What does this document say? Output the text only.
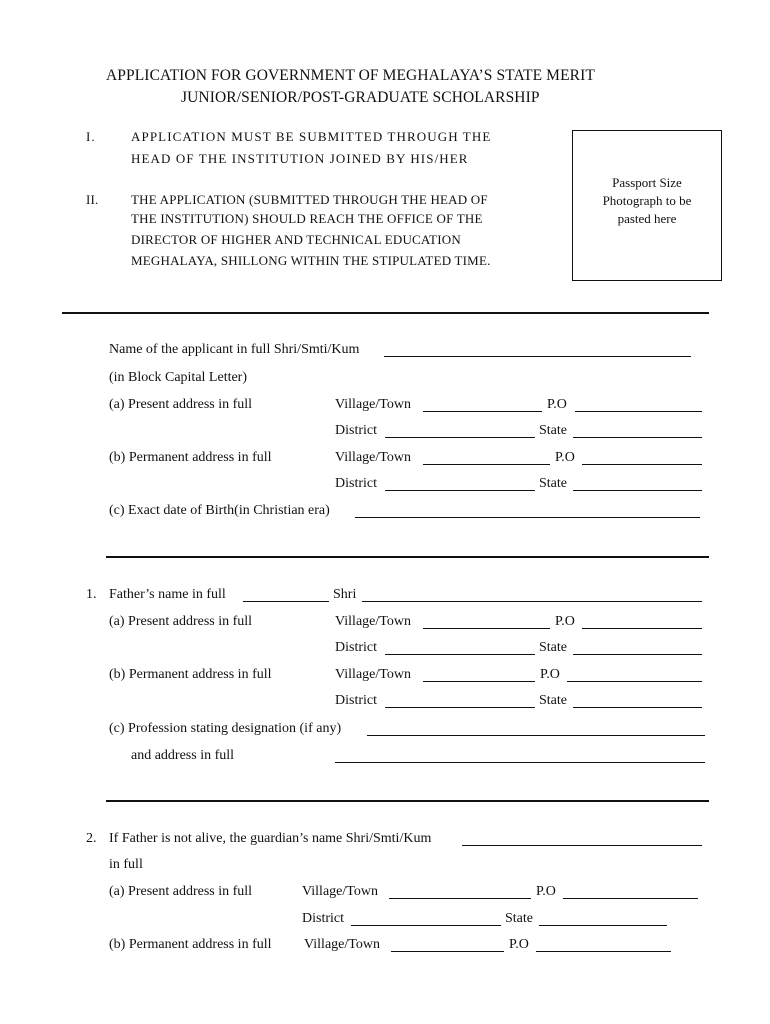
APPLICATION FOR GOVERNMENT OF MEGHALAYA’S STATE MERIT
JUNIOR/SENIOR/POST-GRADUATE SCHOLARSHIP
I.	APPLICATION MUST BE SUBMITTED THROUGH THE
HEAD OF THE INSTITUTION JOINED BY HIS/HER
II. THE APPLICATION (SUBMITTED THROUGH THE HEAD OF
THE INSTITUTION) SHOULD REACH THE OFFICE OF THE
DIRECTOR OF HIGHER AND TECHNICAL EDUCATION
MEGHALAYA, SHILLONG WITHIN THE STIPULATED TIME.
Passport Size
Photograph to be
pasted here
Name of the applicant in full Shri/Smti/Kum
(in Block Capital Letter)
(a) Present address in full	Village/Town	P.O
District	State
(b) Permanent address in full	Village/Town	P.O
District	State
(c) Exact date of Birth(in Christian era)
1. Father’s name in full	Shri
(a) Present address in full	Village/Town	P.O
District	State
(b) Permanent address in full	Village/Town	P.O
District	State
(c) Profession stating designation (if any)
and address in full
2. If Father is not alive, the guardian’s name Shri/Smti/Kum
in full
(a) Present address in full	Village/Town	P.O
District	State
(b) Permanent address in full Village/Town	P.O
